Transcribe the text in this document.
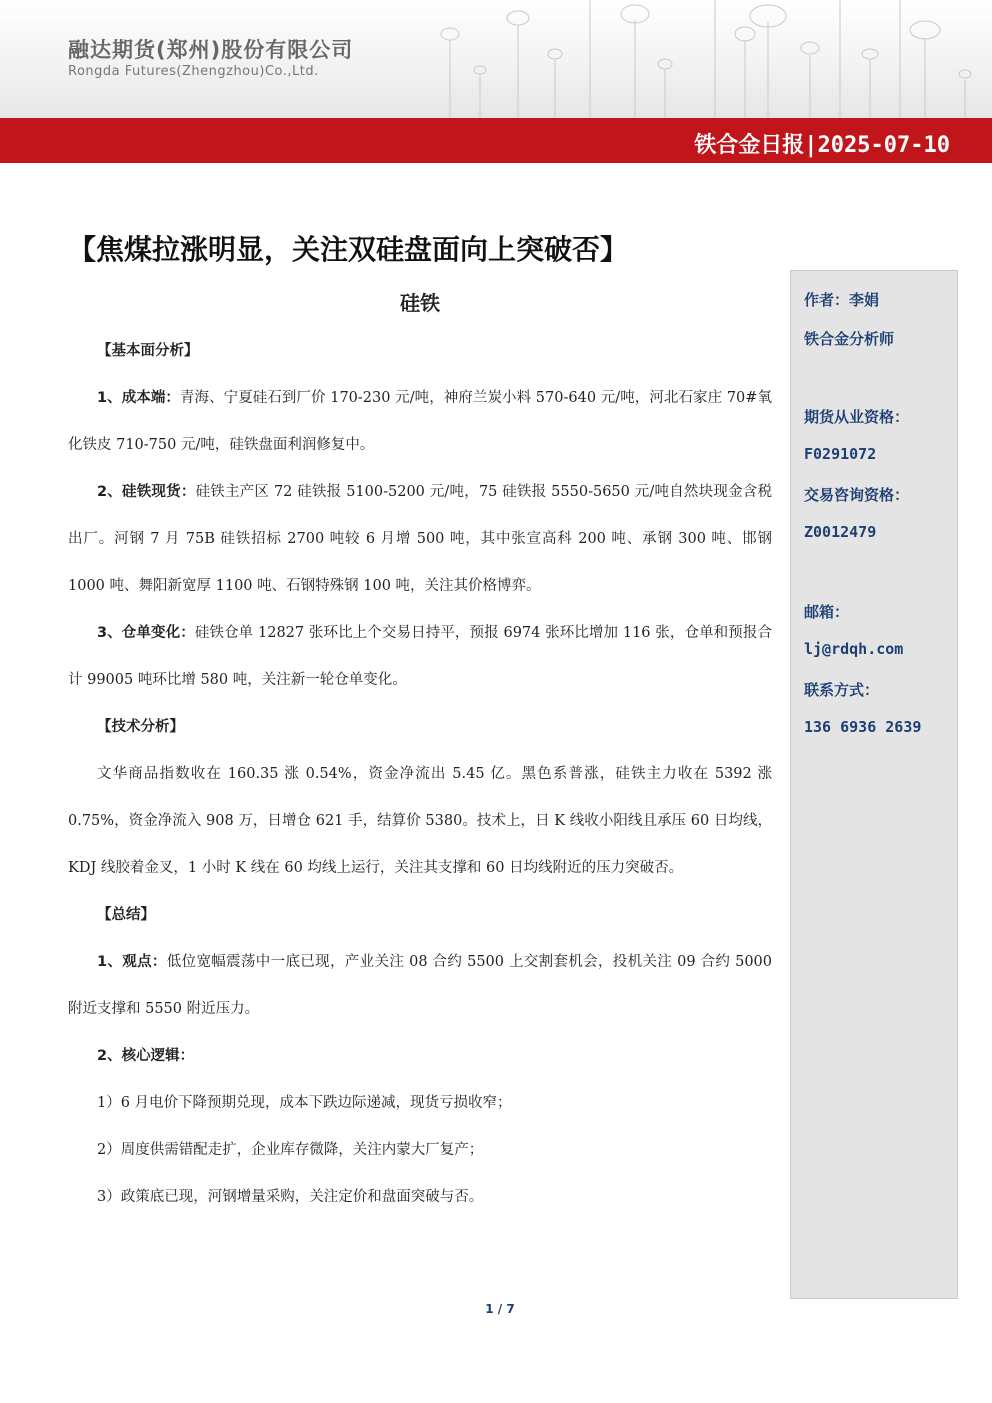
融达期货(郑州)股份有限公司
Rongda Futures(Zhengzhou)Co.,Ltd.
铁合金日报|2025-07-10
【焦煤拉涨明显，关注双硅盘面向上突破否】
硅铁

【基本面分析】

1、成本端：青海、宁夏硅石到厂价 170-230 元/吨，神府兰炭小料 570-640 元/吨，河北石家庄 70#氧化铁皮 710-750 元/吨，硅铁盘面利润修复中。

2、硅铁现货：硅铁主产区 72 硅铁报 5100-5200 元/吨，75 硅铁报 5550-5650 元/吨自然块现金含税出厂。河钢 7 月 75B 硅铁招标 2700 吨较 6 月增 500 吨，其中张宣高科 200 吨、承钢 300 吨、邯钢 1000 吨、舞阳新宽厚 1100 吨、石钢特殊钢 100 吨，关注其价格博弈。

3、仓单变化：硅铁仓单 12827 张环比上个交易日持平，预报 6974 张环比增加 116 张，仓单和预报合计 99005 吨环比增 580 吨，关注新一轮仓单变化。

【技术分析】

文华商品指数收在 160.35 涨 0.54%，资金净流出 5.45 亿。黑色系普涨，硅铁主力收在 5392 涨 0.75%，资金净流入 908 万，日增仓 621 手，结算价 5380。技术上，日 K 线收小阳线且承压 60 日均线，KDJ 线胶着金叉，1 小时 K 线在 60 均线上运行，关注其支撑和 60 日均线附近的压力突破否。

【总结】

1、观点：低位宽幅震荡中一底已现，产业关注 08 合约 5500 上交割套机会，投机关注 09 合约 5000 附近支撑和 5550 附近压力。

2、核心逻辑：

1）6 月电价下降预期兑现，成本下跌边际递减，现货亏损收窄；

2）周度供需错配走扩，企业库存微降，关注内蒙大厂复产；

3）政策底已现，河钢增量采购，关注定价和盘面突破与否。

作者：李娟
铁合金分析师
期货从业资格：
F0291072
交易咨询资格：
Z0012479
邮箱：
lj@rdqh.com
联系方式：
136 6936 2639
1 / 7
